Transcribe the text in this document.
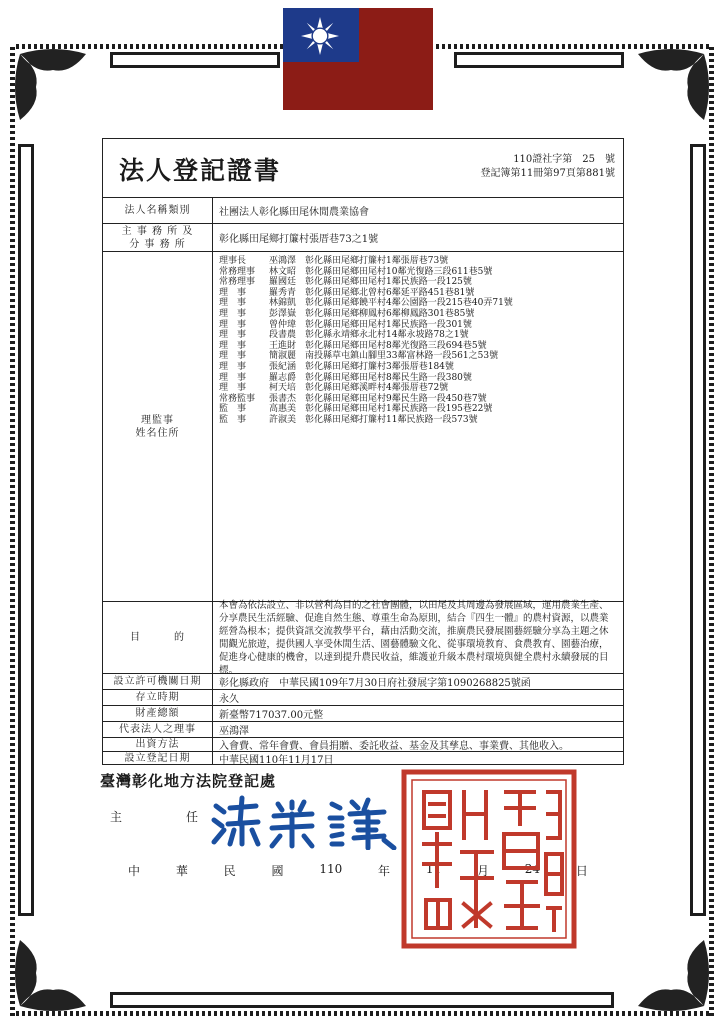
法人登記證書	110證社字第　25　號
登記簿第11冊第97頁第881號
法人名稱類別	社團法人彰化縣田尾休閒農業協會
主 事 務 所 及
分 事 務 所	彰化縣田尾鄉打簾村張厝巷73之1號
理監事
姓名住所
理事長	巫鴻澤 彰化縣田尾鄉打簾村1鄰張厝巷73號
常務理事 林文昭 彰化縣田尾鄉田尾村10鄰光復路三段611巷5號
常務理事 羅國廷 彰化縣田尾鄉田尾村1鄰民族路一段125號
理　事	羅秀青 彰化縣田尾鄉北曾村6鄰延平路451巷81號
理　事	林錦凱 彰化縣田尾鄉饒平村4鄰公園路一段215巷40弄71號
理　事	彭澤嶽 彰化縣田尾鄉柳鳳村6鄰柳鳳路301巷85號
理　事	曾仲瑋 彰化縣田尾鄉田尾村1鄰民族路一段301號
理　事	段書農 彰化縣永靖鄉永北村14鄰永坡路78之1號
理　事	王進財 彰化縣田尾鄉田尾村8鄰光復路三段694巷5號
理　事	簡淑麗 南投縣草屯鎮山腳里33鄰富林路一段561之53號
理　事	張紀涵 彰化縣田尾鄉打簾村3鄰張厝巷184號
理　事	羅志爵 彰化縣田尾鄉田尾村8鄰民生路一段380號
理　事	柯天培 彰化縣田尾鄉溪畔村4鄰張厝巷72號
常務監事 張書杰 彰化縣田尾鄉田尾村9鄰民生路一段450巷7號
監　事	高惠美 彰化縣田尾鄉田尾村1鄰民族路一段195巷22號
監　事	許淑美 彰化縣田尾鄉打簾村11鄰民族路一段573號
目　　　的
本會為依法設立、非以營利為目的之社會團體，以田尾及其周邊為發展區域，運用農業生產、分享農民生活經驗、促進自然生態、尊重生命為原則，結合『四生一體』的農村資源，以農業經營為根本；提供資訊交流教學平台，藉由活動交流，推廣農民發展園藝經驗分享為主題之休閒觀光旅遊，提供國人享受休閒生活、園藝體驗文化、從事環境教育、食農教育、園藝治療，促進身心健康的機會，以達到提升農民收益，維護並升級本農村環境與健全農村永續發展的目標。
設立許可機關日期	彰化縣政府　中華民國109年7月30日府社發展字第1090268825號函
存立時期	永久
財產總額	新臺幣717037.00元整
代表法人之理事	巫鴻澤
出資方法	入會費、常年會費、會員捐贈、委託收益、基金及其孳息、事業費、其他收入。
設立登記日期	中華民國110年11月17日
臺灣彰化地方法院登記處
主　任
中	華	民	國	110	年	11	月	24	日
